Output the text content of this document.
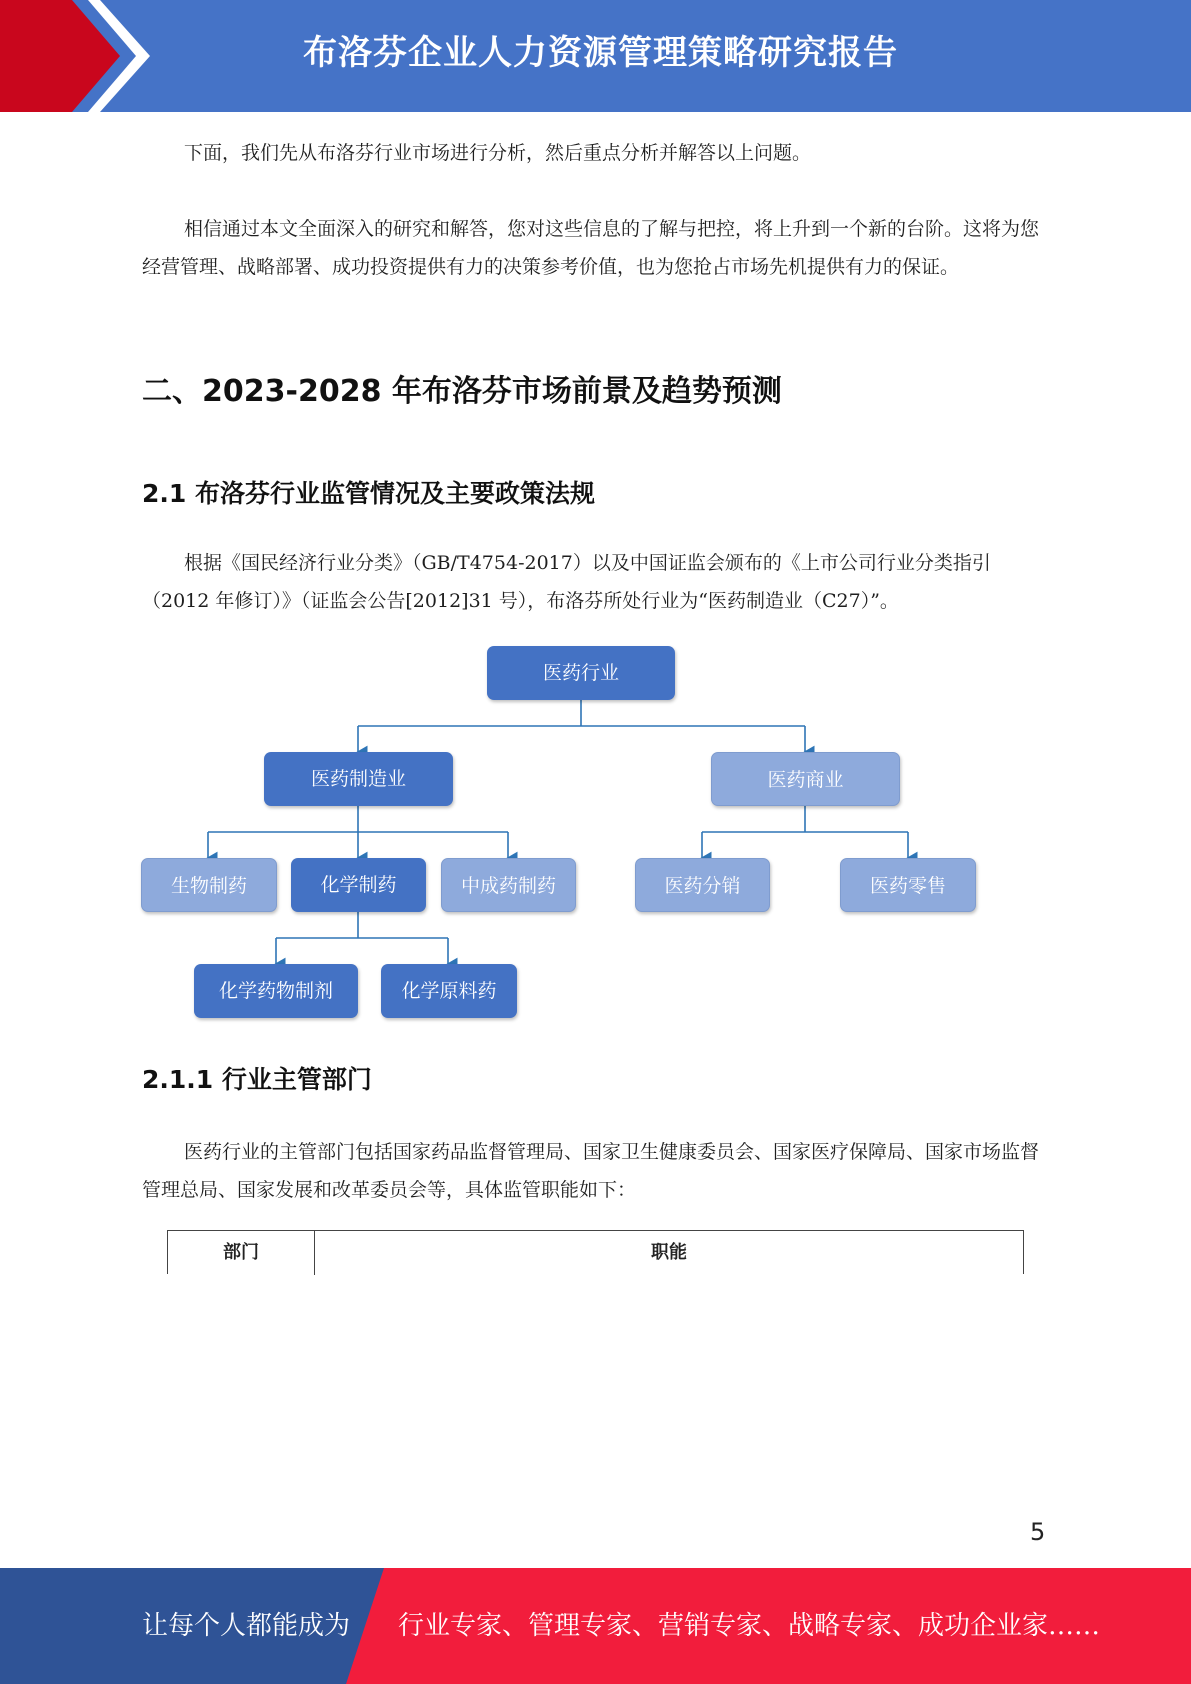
布洛芬企业人力资源管理策略研究报告

下面，我们先从布洛芬行业市场进行分析，然后重点分析并解答以上问题。

相信通过本文全面深入的研究和解答，您对这些信息的了解与把控，将上升到一个新的台阶。这将为您经营管理、战略部署、成功投资提供有力的决策参考价值，也为您抢占市场先机提供有力的保证。

二、2023-2028 年布洛芬市场前景及趋势预测
2.1 布洛芬行业监管情况及主要政策法规

根据《国民经济行业分类》（GB/T4754-2017）以及中国证监会颁布的《上市公司行业分类指引（2012 年修订）》（证监会公告[2012]31 号），布洛芬所处行业为“医药制造业（C27）”。

医药行业
医药制造业	医药商业
生物制药	化学制药	中成药制药	医药分销	医药零售
化学药物制剂	化学原料药
2.1.1 行业主管部门

医药行业的主管部门包括国家药品监督管理局、国家卫生健康委员会、国家医疗保障局、国家市场监督管理总局、国家发展和改革委员会等，具体监管职能如下：

部门	职能
5
让每个人都能成为 行业专家、管理专家、营销专家、战略专家、成功企业家……
